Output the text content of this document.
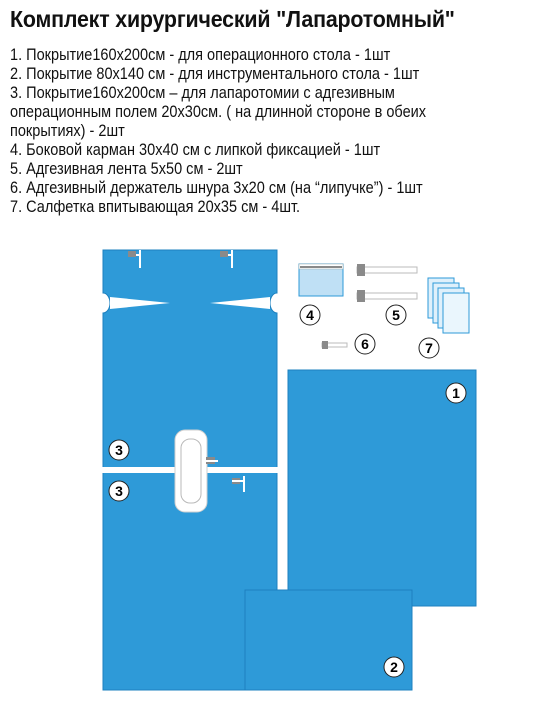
Комплект хирургический "Лапаротомный"
1. Покрытие160х200см - для операционного стола - 1шт
2. Покрытие 80х140 см - для инструментального стола - 1шт
3. Покрытие160х200см – для лапаротомии с адгезивным
операционным полем 20х30см. ( на длинной стороне в обеих
покрытиях) - 2шт
4. Боковой карман 30х40 см с липкой фиксацией - 1шт
5. Адгезивная лента 5х50 см - 2шт
6. Адгезивный держатель шнура 3х20 см (на “липучке”) - 1шт
7. Салфетка впитывающая 20х35 см - 4шт.
1
2
3
3
4	5
6	7
